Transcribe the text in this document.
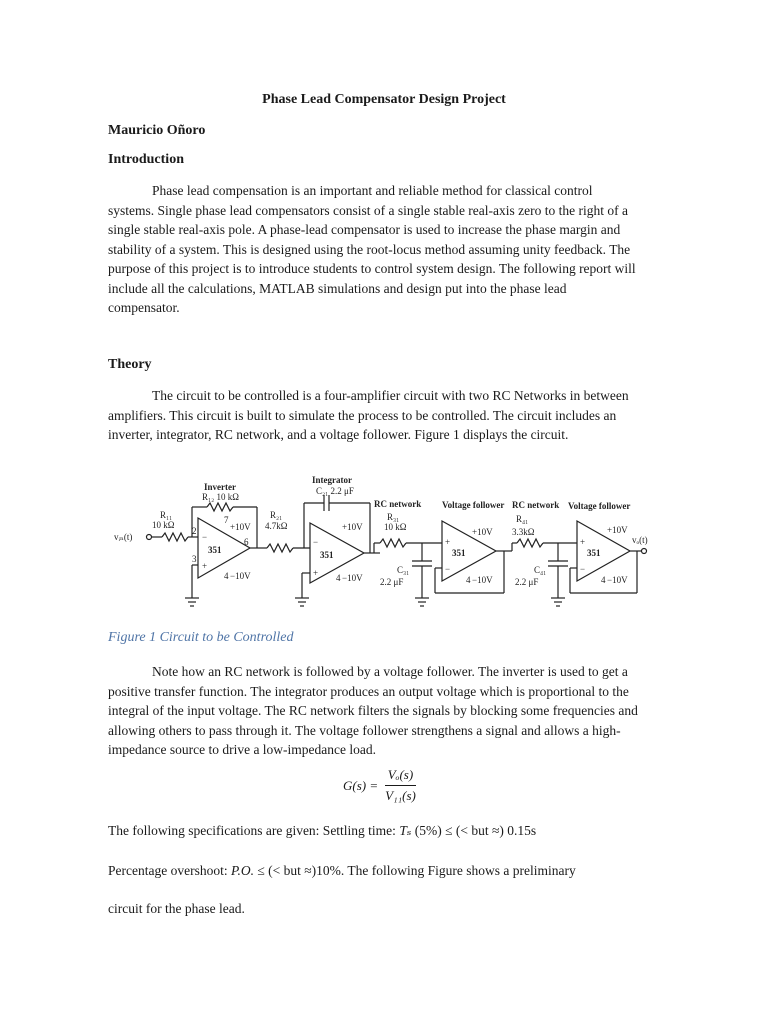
Phase Lead Compensator Design Project
Mauricio Oñoro
Introduction
Phase lead compensation is an important and reliable method for classical control systems. Single phase lead compensators consist of a single stable real-axis zero to the right of a single stable real-axis pole. A phase-lead compensator is used to increase the phase margin and stability of a system. This is designed using the root-locus method assuming unity feedback. The purpose of this project is to introduce students to control system design. The following report will include all the calculations, MATLAB simulations and design put into the phase lead compensator.
Theory
The circuit to be controlled is a four-amplifier circuit with two RC Networks in between amplifiers. This circuit is built to simulate the process to be controlled. The circuit includes an inverter, integrator, RC network, and a voltage follower. Figure 1 displays the circuit.
Inverter
R₁₂ 10 kΩ
Integrator
C₂₁ 2.2 μF
RC network Voltage follower RC network Voltage follower
R₁₁
10 kΩ
R₂₁
4.7kΩ
R₃₁
10 kΩ
R₄₁
3.3kΩ
C₃₁
2.2 μF
C₄₁
2.2 μF
vᵢₙ(t)	vₒ(t)
351	351	351	351
+10V
−10V
+10V
−10V
+10V
−10V
+10V
−10V
7
6
4
2
3
4	4	4
−
+
−
+
+
−
+
−
Figure 1 Circuit to be Controlled
Note how an RC network is followed by a voltage follower. The inverter is used to get a positive transfer function. The integrator produces an output voltage which is proportional to the integral of the input voltage. The RC network filters the signals by blocking some frequencies and allowing others to pass through it. The voltage follower strengthens a signal and allows a high-impedance source to drive a low-impedance load.
$G(s) = \frac{\text{Vₒ(s)}}{\text{V₁₁(s)}}$
The following specifications are given: Settling time: Tₛ (5%) ≤ (< but ≈) 0.15s
Percentage overshoot: P.O. ≤ (< but ≈)10%. The following Figure shows a preliminary
circuit for the phase lead.
